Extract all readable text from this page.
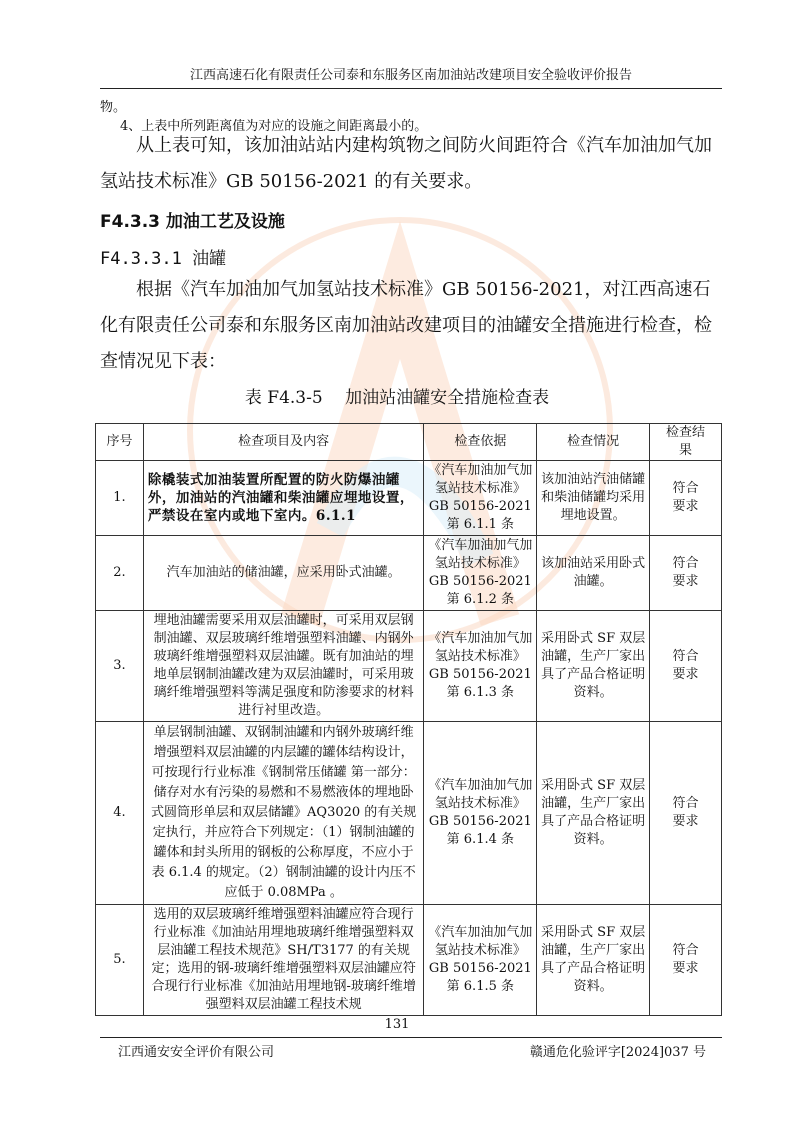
江西高速石化有限责任公司泰和东服务区南加油站改建项目安全验收评价报告
物。
4、上表中所列距离值为对应的设施之间距离最小的。
从上表可知，该加油站站内建构筑物之间防火间距符合《汽车加油加气加氢站技术标准》GB 50156-2021 的有关要求。
F4.3.3 加油工艺及设施
F4.3.3.1 油罐
根据《汽车加油加气加氢站技术标准》GB 50156-2021，对江西高速石化有限责任公司泰和东服务区南加油站改建项目的油罐安全措施进行检查，检查情况见下表：
表 F4.3-5　 加油站油罐安全措施检查表
序号	检查项目及内容	检查依据	检查情况	检查结果
1.	除橇装式加油装置所配置的防火防爆油罐外，加油站的汽油罐和柴油罐应埋地设置，严禁设在室内或地下室内。6.1.1	《汽车加油加气加氢站技术标准》GB 50156-2021 第 6.1.1 条	该加油站汽油储罐和柴油储罐均采用埋地设置。	符合要求
2.	汽车加油站的储油罐，应采用卧式油罐。	《汽车加油加气加氢站技术标准》GB 50156-2021 第 6.1.2 条	该加油站采用卧式油罐。	符合要求
3.	埋地油罐需要采用双层油罐时，可采用双层钢制油罐、双层玻璃纤维增强塑料油罐、内钢外玻璃纤维增强塑料双层油罐。既有加油站的埋地单层钢制油罐改建为双层油罐时，可采用玻璃纤维增强塑料等满足强度和防渗要求的材料进行衬里改造。	《汽车加油加气加氢站技术标准》GB 50156-2021 第 6.1.3 条	采用卧式 SF 双层油罐，生产厂家出具了产品合格证明资料。	符合要求
4.	单层钢制油罐、双钢制油罐和内钢外玻璃纤维增强塑料双层油罐的内层罐的罐体结构设计，可按现行行业标准《钢制常压储罐 第一部分：储存对水有污染的易燃和不易燃液体的埋地卧式圆筒形单层和双层储罐》AQ3020 的有关规定执行，并应符合下列规定：（1）钢制油罐的罐体和封头所用的钢板的公称厚度，不应小于表 6.1.4 的规定。（2）钢制油罐的设计内压不应低于 0.08MPa 。	《汽车加油加气加氢站技术标准》GB 50156-2021 第 6.1.4 条	采用卧式 SF 双层油罐，生产厂家出具了产品合格证明资料。	符合要求
5.	选用的双层玻璃纤维增强塑料油罐应符合现行行业标准《加油站用埋地玻璃纤维增强塑料双层油罐工程技术规范》SH/T3177 的有关规定；选用的钢-玻璃纤维增强塑料双层油罐应符合现行行业标准《加油站用埋地钢-玻璃纤维增强塑料双层油罐工程技术规	《汽车加油加气加氢站技术标准》GB 50156-2021 第 6.1.5 条	采用卧式 SF 双层油罐，生产厂家出具了产品合格证明资料。	符合要求
131
江西通安安全评价有限公司	赣通危化验评字[2024]037 号
